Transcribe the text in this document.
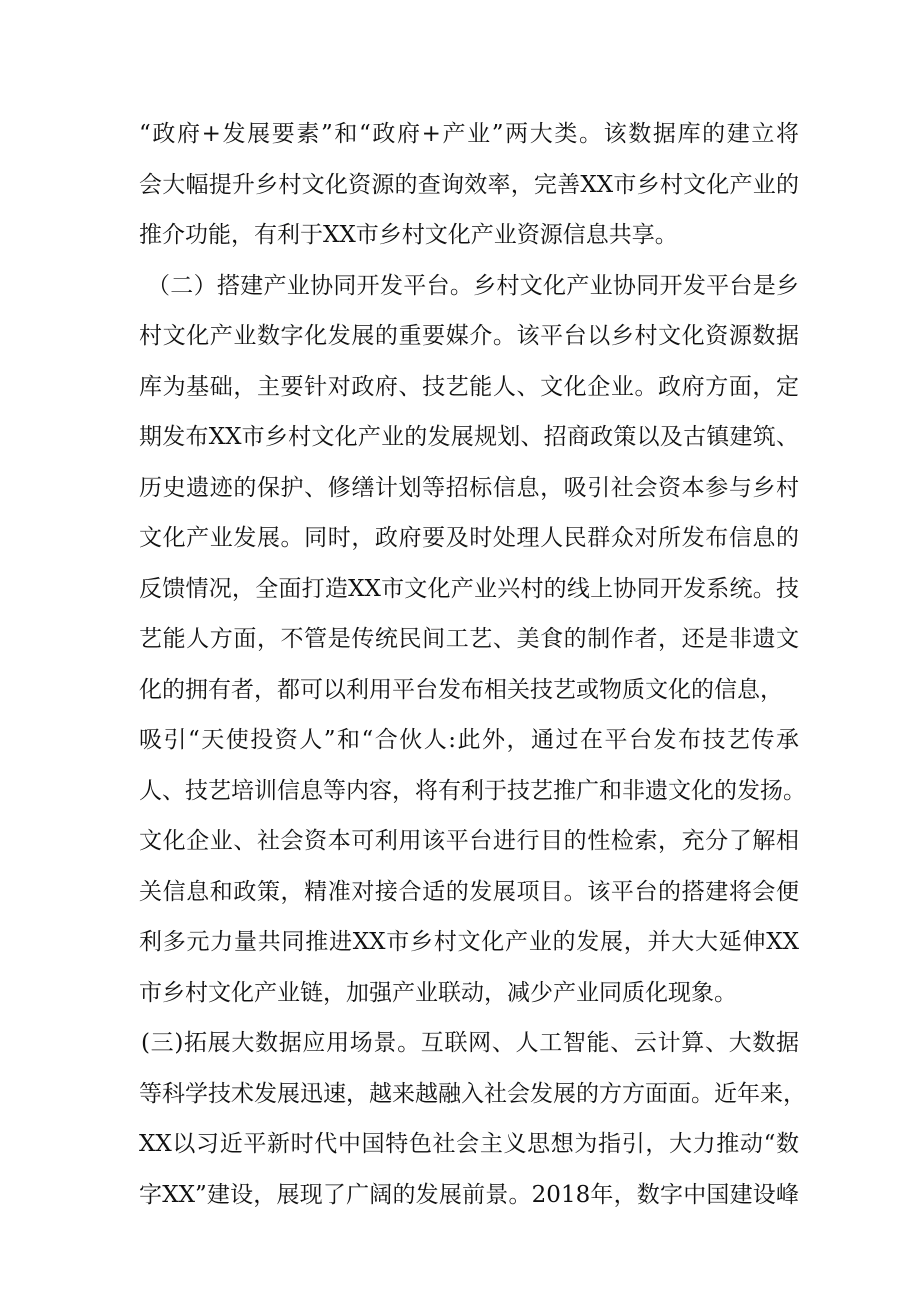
“政府+发展要素”和“政府+产业”两大类。该数据库的建立将
会大幅提升乡村文化资源的查询效率，完善XX市乡村文化产业的
推介功能，有利于XX市乡村文化产业资源信息共享。
（二）搭建产业协同开发平台。乡村文化产业协同开发平台是乡
村文化产业数字化发展的重要媒介。该平台以乡村文化资源数据
库为基础，主要针对政府、技艺能人、文化企业。政府方面，定
期发布XX市乡村文化产业的发展规划、招商政策以及古镇建筑、
历史遗迹的保护、修缮计划等招标信息，吸引社会资本参与乡村
文化产业发展。同时，政府要及时处理人民群众对所发布信息的
反馈情况，全面打造XX市文化产业兴村的线上协同开发系统。技
艺能人方面，不管是传统民间工艺、美食的制作者，还是非遗文
化的拥有者，都可以利用平台发布相关技艺或物质文化的信息，
吸引“天使投资人”和“合伙人:此外，通过在平台发布技艺传承
人、技艺培训信息等内容，将有利于技艺推广和非遗文化的发扬。
文化企业、社会资本可利用该平台进行目的性检索，充分了解相
关信息和政策，精准对接合适的发展项目。该平台的搭建将会便
利多元力量共同推进XX市乡村文化产业的发展，并大大延伸XX
市乡村文化产业链，加强产业联动，减少产业同质化现象。
(三)拓展大数据应用场景。互联网、人工智能、云计算、大数据
等科学技术发展迅速，越来越融入社会发展的方方面面。近年来，
XX以习近平新时代中国特色社会主义思想为指引，大力推动“数
字XX”建设，展现了广阔的发展前景。2018年，数字中国建设峰
